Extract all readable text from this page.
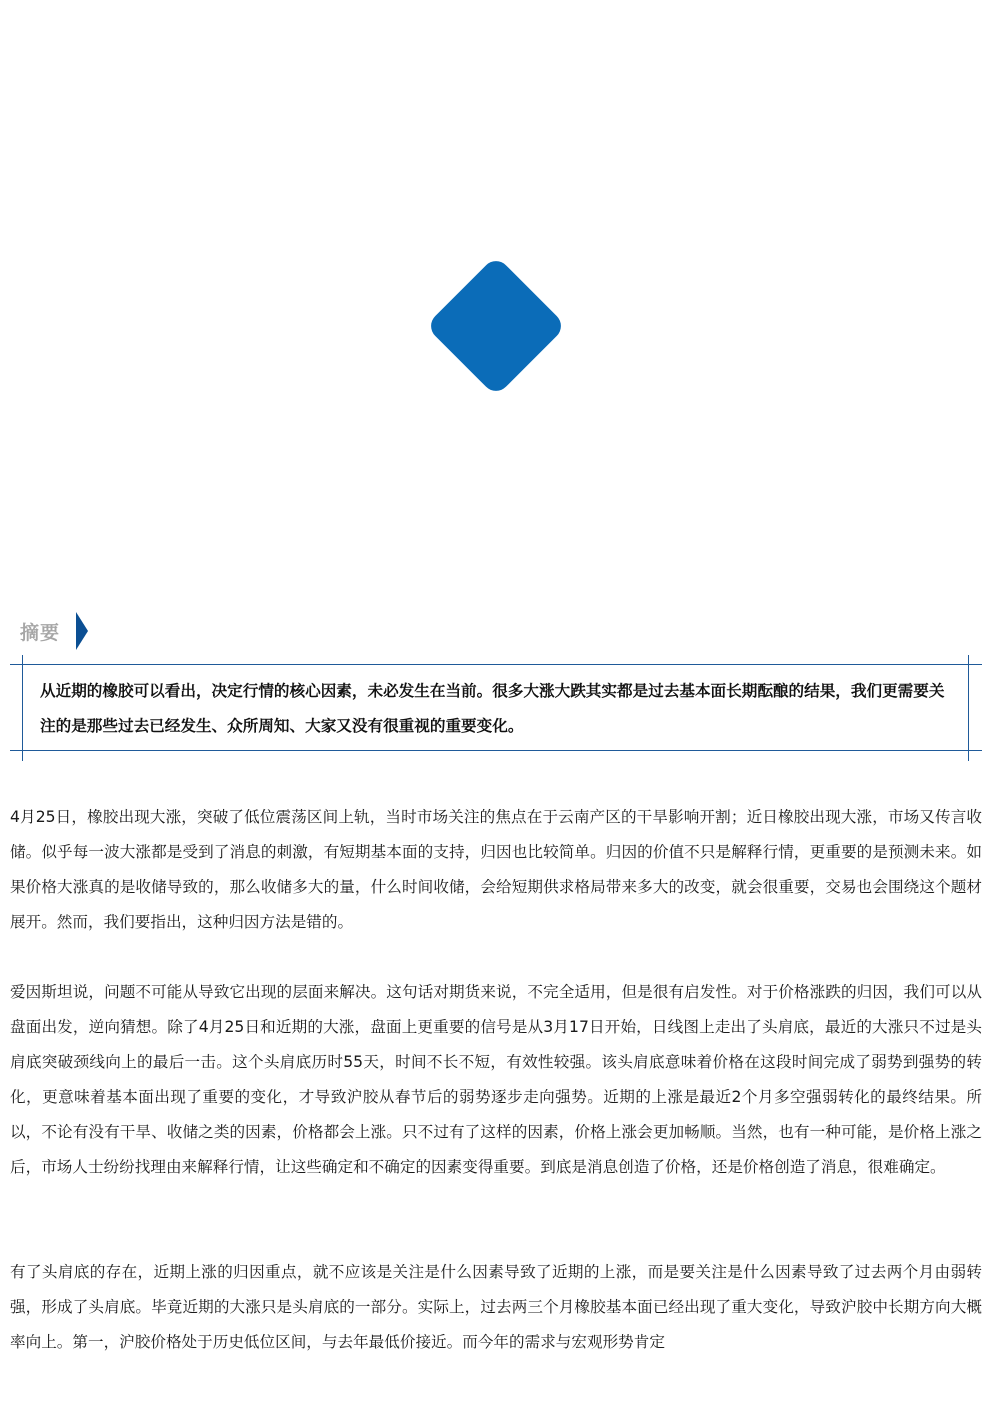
摘要

从近期的橡胶可以看出，决定行情的核心因素，未必发生在当前。很多大涨大跌其实都是过去基本面长期酝酿的结果，我们更需要关注的是那些过去已经发生、众所周知、大家又没有很重视的重要变化。

4月25日，橡胶出现大涨，突破了低位震荡区间上轨，当时市场关注的焦点在于云南产区的干旱影响开割；近日橡胶出现大涨，市场又传言收储。似乎每一波大涨都是受到了消息的刺激，有短期基本面的支持，归因也比较简单。归因的价值不只是解释行情，更重要的是预测未来。如果价格大涨真的是收储导致的，那么收储多大的量，什么时间收储，会给短期供求格局带来多大的改变，就会很重要，交易也会围绕这个题材展开。然而，我们要指出，这种归因方法是错的。

爱因斯坦说，问题不可能从导致它出现的层面来解决。这句话对期货来说，不完全适用，但是很有启发性。对于价格涨跌的归因，我们可以从盘面出发，逆向猜想。除了4月25日和近期的大涨，盘面上更重要的信号是从3月17日开始，日线图上走出了头肩底，最近的大涨只不过是头肩底突破颈线向上的最后一击。这个头肩底历时55天，时间不长不短，有效性较强。该头肩底意味着价格在这段时间完成了弱势到强势的转化，更意味着基本面出现了重要的变化，才导致沪胶从春节后的弱势逐步走向强势。近期的上涨是最近2个月多空强弱转化的最终结果。所以，不论有没有干旱、收储之类的因素，价格都会上涨。只不过有了这样的因素，价格上涨会更加畅顺。当然，也有一种可能，是价格上涨之后，市场人士纷纷找理由来解释行情，让这些确定和不确定的因素变得重要。到底是消息创造了价格，还是价格创造了消息，很难确定。

有了头肩底的存在，近期上涨的归因重点，就不应该是关注是什么因素导致了近期的上涨，而是要关注是什么因素导致了过去两个月由弱转强，形成了头肩底。毕竟近期的大涨只是头肩底的一部分。实际上，过去两三个月橡胶基本面已经出现了重大变化，导致沪胶中长期方向大概率向上。第一，沪胶价格处于历史低位区间，与去年最低价接近。而今年的需求与宏观形势肯定
